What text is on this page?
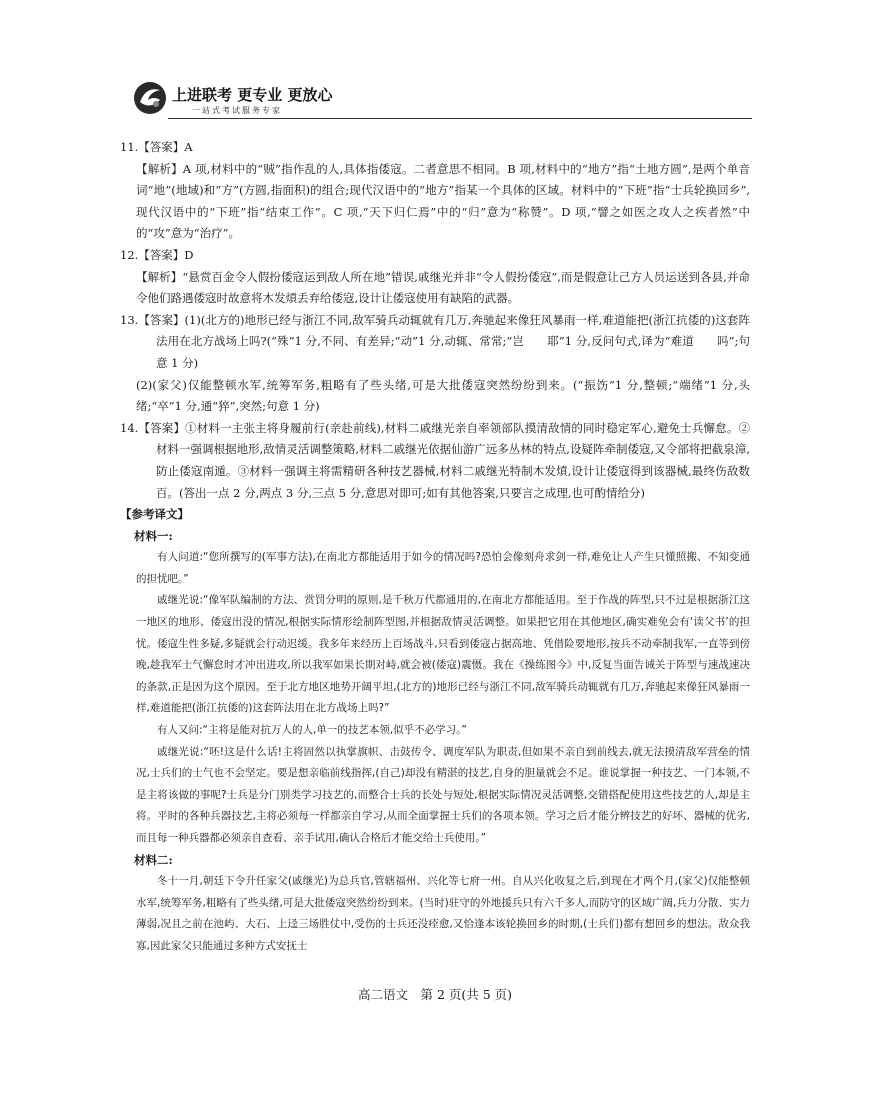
上进联考 更专业 更放心
一站式考试服务专家

11.【答案】A

【解析】A 项,材料中的“贼”指作乱的人,具体指倭寇。二者意思不相同。B 项,材料中的“地方”指“土地方圆”,是两个单音词“地”(地域)和“方”(方圆,指面积)的组合;现代汉语中的“地方”指某一个具体的区域。材料中的“下班”指“士兵轮换回乡”,现代汉语中的“下班”指“结束工作”。C 项,“天下归仁焉”中的“归”意为“称赞”。D 项,“譬之如医之攻人之疾者然”中的“攻”意为“治疗”。

12.【答案】D

【解析】“悬赏百金令人假扮倭寇运到敌人所在地”错误,戚继光并非“令人假扮倭寇”,而是假意让己方人员运送到各县,并命令他们路遇倭寇时故意将木发熕丢弃给倭寇,设计让倭寇使用有缺陷的武器。

13.【答案】(1)(北方的)地形已经与浙江不同,敌军骑兵动辄就有几万,奔驰起来像狂风暴雨一样,难道能把(浙江抗倭的)这套阵法用在北方战场上吗?(“殊”1 分,不同、有差异;“动”1 分,动辄、常常;“岂　　耶”1 分,反问句式,译为“难道　　吗”;句意 1 分)

(2)(家父)仅能整顿水军,统筹军务,粗略有了些头绪,可是大批倭寇突然纷纷到来。(“振饬”1 分,整顿;“端绪”1 分,头绪;“卒”1 分,通“猝”,突然;句意 1 分)

14.【答案】①材料一主张主将身履前行(亲赴前线),材料二戚继光亲自率领部队摸清敌情的同时稳定军心,避免士兵懈怠。②材料一强调根据地形,敌情灵活调整策略,材料二戚继光依据仙游广远多丛林的特点,设疑阵牵制倭寇,又令部将把截泉漳,防止倭寇南遁。③材料一强调主将需精研各种技艺器械,材料二戚继光特制木发熕,设计让倭寇得到该器械,最终伤敌数百。(答出一点 2 分,两点 3 分,三点 5 分,意思对即可;如有其他答案,只要言之成理,也可酌情给分)

【参考译文】

材料一:

有人问道:“您所撰写的(军事方法),在南北方都能适用于如今的情况吗?恐怕会像刻舟求剑一样,难免让人产生只懂照搬、不知变通的担忧吧。”

戚继光说:“像军队编制的方法、赏罚分明的原则,是千秋万代都通用的,在南北方都能适用。至于作战的阵型,只不过是根据浙江这一地区的地形、倭寇出没的情况,根据实际情形绘制阵型图,并根据敌情灵活调整。如果把它用在其他地区,确实难免会有‘读父书’的担忧。倭寇生性多疑,多疑就会行动迟缓。我多年来经历上百场战斗,只看到倭寇占据高地、凭借险要地形,按兵不动牵制我军,一直等到傍晚,趁我军士气懈怠时才冲出进攻,所以我军如果长期对峙,就会被(倭寇)震慑。我在《操练图今》中,反复当面告诫关于阵型与速战速决的条款,正是因为这个原因。至于北方地区地势开阔平坦,(北方的)地形已经与浙江不同,敌军骑兵动辄就有几万,奔驰起来像狂风暴雨一样,难道能把(浙江抗倭的)这套阵法用在北方战场上吗?”

有人又问:“主将是能对抗万人的人,单一的技艺本领,似乎不必学习。”

戚继光说:“呸!这是什么话!主将固然以执掌旗帜、击鼓传令、调度军队为职责,但如果不亲自到前线去,就无法摸清敌军营垒的情况,士兵们的士气也不会坚定。要是想亲临前线指挥,(自己)却没有精湛的技艺,自身的胆量就会不足。谁说掌握一种技艺、一门本领,不是主将该做的事呢?士兵是分门别类学习技艺的,而整合士兵的长处与短处,根据实际情况灵活调整,交错搭配使用这些技艺的人,却是主将。平时的各种兵器技艺,主将必须每一样都亲自学习,从而全面掌握士兵们的各项本领。学习之后才能分辨技艺的好坏、器械的优劣,而且每一种兵器都必须亲自查看、亲手试用,确认合格后才能交给士兵使用。”

材料二:

冬十一月,朝廷下令升任家父(戚继光)为总兵官,管辖福州、兴化等七府一州。自从兴化收复之后,到现在才两个月,(家父)仅能整顿水军,统筹军务,粗略有了些头绪,可是大批倭寇突然纷纷到来。(当时)驻守的外地援兵只有六千多人,而防守的区域广阔,兵力分散、实力薄弱,况且之前在池屿、大石、上迳三场胜仗中,受伤的士兵还没痊愈,又恰逢本该轮换回乡的时期,(士兵们)都有想回乡的想法。敌众我寡,因此家父只能通过多种方式安抚士

高二语文　第 2 页(共 5 页)
